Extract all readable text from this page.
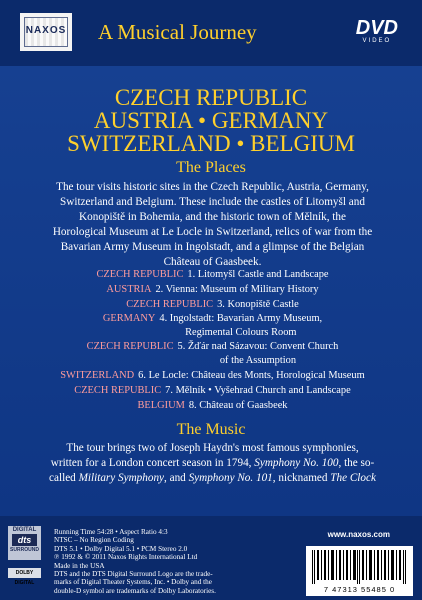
NAXOS A Musical Journey	DVD
VIDEO
CZECH REPUBLIC
AUSTRIA • GERMANY
SWITZERLAND • BELGIUM
The Places
The tour visits historic sites in the Czech Republic, Austria, Germany,
Switzerland and Belgium. These include the castles of Litomyšl and
Konopiště in Bohemia, and the historic town of Mělník, the
Horological Museum at Le Locle in Switzerland, relics of war from the
Bavarian Army Museum in Ingolstadt, and a glimpse of the Belgian
Château of Gaasbeek.
CZECH REPUBLIC 1. Litomyšl Castle and Landscape
AUSTRIA 2. Vienna: Museum of Military History
CZECH REPUBLIC 3. Konopiště Castle
GERMANY 4. Ingolstadt: Bavarian Army Museum,
Regimental Colours Room
CZECH REPUBLIC 5. Žďár nad Sázavou: Convent Church
of the Assumption
SWITZERLAND 6. Le Locle: Château des Monts, Horological Museum
CZECH REPUBLIC 7. Mělník • Vyšehrad Church and Landscape
BELGIUM 8. Château of Gaasbeek
The Music
The tour brings two of Joseph Haydn's most famous symphonies,
written for a London concert season in 1794, Symphony No. 100, the so-
called Military Symphony, and Symphony No. 101, nicknamed The Clock
DIGITAL
dts
SURROUND
DOLBY DIGITAL
Running Time 54:28 • Aspect Ratio 4:3
NTSC – No Region Coding
DTS 5.1 • Dolby Digital 5.1 • PCM Stereo 2.0
℗ 1992 & © 2011 Naxos Rights International Ltd
Made in the USA
DTS and the DTS Digital Surround Logo are the trade-
marks of Digital Theater Systems, Inc. • Dolby and the
double-D symbol are trademarks of Dolby Laboratories.
www.naxos.com
7 47313 55485 0
